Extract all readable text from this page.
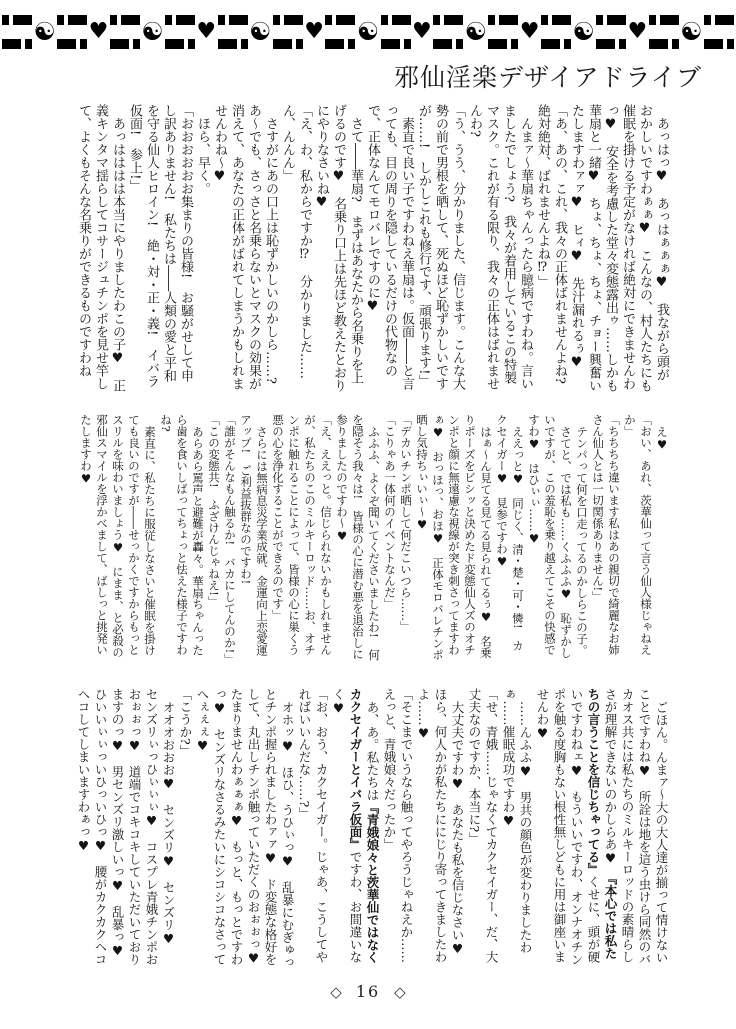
☯ ♥ ☯ ♥ ☯ ♥ ☯ ♥ ☯ ♥ ☯ ♥ ☯
邪仙淫楽デザイアドライブ

あっはっ♥　あっはぁぁぁ♥　我ながら頭がおかしいですわぁぁ♥　こんなの、村人たちにも催眠を掛ける予定がなければ絶対にできませんわっ♥　安全を考慮した堂々変態露出ゥ……しかも華扇と一緒♥　ちょ、ちょ、ちょ、チョー興奮いたしますわァァ♥　ヒィ♥　先汁漏れるぅ♥

「あ、あの、これ、我々の正体ばれませんよね?　絶対絶対、ばれませんよね⁉」

んまァ～華扇ちゃんったら臆病ですわね。言いましたでしょう?　我々が着用しているこの特製マスク。これが有る限り、我々の正体はばれませんわ?

「う、うう、分かりました、信じます。こんな大勢の前で男根を晒して、死ぬほど恥ずかしいですが……!　しかしこれも修行です、頑張ります!」

素直で良い子ですわねえ華扇は。仮面――と言っても、目の周りを隠しているだけの代物なので、正体なんてモロバレですのに♥

さて――華扇?　まずはあなたから名乗りを上げるのです♥　名乗り口上は先ほど教えたとおりにやりなさいね♥

「え、わ、私からですか⁉　分かりました……ん、んんん」

さすがにあの口上は恥ずかしいのかしら……?　あ～でも、さっさと名乗らないとマスクの効果が消えて、あなたの正体がばれてしまうかもしれませんわね～♥

ほら、早く。

「おおおおおお集まりの皆様!　お騒がせして申し訳ありません!　私たちは――人類の愛と平和を守る仙人ヒロイン!　絶・対・正・義!　イバラ仮面!　参上!」

あっはははは本当にやりましたわこの子♥　正義キンタマ揺らしてコサージュチンポを見せ竿して、よくもそんな名乗りができるものですわね

え♥

「おい、あれ、茨華仙って言う仙人様じゃねえか」

「ちちちち違います私はあの親切で綺麗なお姉さん仙人とは一切関係ありません!」

テンパって何を口走ってるのかしらこの子。

さてと、では私も……くふふふ♥　恥ずかしいですが、この羞恥を乗り越えてこその快感ですわ♥　はひぃぃ……♥

ええっと♥　同じく、清・楚・可・憐!　カクセイガー♥　見参ですわ♥

はぁ～ん見てる見てる見られてるぅ♥　名乗りポーズをビシッと決めたド変態仙人ズのオチンポと顔に無遠慮な視線が突き刺さってますわぁ♥　おっほっ、おほ♥　正体モロバレチンポ晒し気持ちぃいぃ～♥

「デカいチンポ晒して何だこいつら……」

「こりゃあ一体何のイベントなんだ」

ふふふ、よくぞ聞いてくださいましたわ!　何を隠そう我々は!　皆様の心に潜む悪を退治しに参りましたのですわ～♥

「え、ええっと。信じられないかもしれませんが、私たちのこのミルキーロッド……お、オチンポに触れることによって、皆様の心に巣くう悪の心を浄化することができるのです」

さらには無病息災学業成就、金運向上恋愛運アップ!　ご利益抜群なのですわ!

「誰がそんなもん触るか!　バカにしてんのか!」

「この変態共!　ふざけんじゃねえ!」

あらあら罵声と避難が轟々。華扇ちゃんったら歯を食いしばってちょっと怯えた様子ですわね?

素直に、私たちに服従しなさいと催眠を掛けても良いのですが――せっかくですからもっとスリルを味わいましょう♥　にまま、と必殺の邪仙スマイルを浮かべまして、ばしっと挑発いたしますわ♥

ごほん。んまァ～大の大人達が揃って情けないことですわね♥　所詮は地を這う虫けら同然のバカオス共には私たちのミルキーロッドの素晴らしさが理解できないのかしらあ♥　『本心では私たちの言うことを信じちゃってる』くせに、頭が硬いですわねェ♥　もういいですわ、オンナオチンポを触る度胸もない根性無しどもに用は御座いませんわ♥

……んふふ♥　男共の顔色が変わりましたわぁ……催眠成功ですわ♥

「せ、青娥……じゃなくてカクセイガー、だ、大丈夫なのですか、本当に?」

大丈夫ですわ♥　あなたも私を信じなさい♥　ほら、何人かが私たちににじり寄ってきましたわよ……♥

「そこまでいうなら触ってやろうじゃねえか……えっと、青娥娘々だったか」

あ、あ。私たちは『青娥娘々と茨華仙ではなくカクセイガーとイバラ仮面』ですわ、お間違いなく♥

「お、おう、カクセイガー。じゃあ、こうしてやればいいんだな……?」

オホッ♥　ほひ、うひぃっ♥　乱暴にむぎゅっとチンポ握られましたわァァ♥　ド変態な格好をして、丸出しチンポ触っていただくのおぉぉっ♥　たまりませんわぁぁぁ♥　もっと、もっとですわっ♥　センズリなさるみたいにシコシコなさってへぇぇぇ♥

「こうか?」

オオオおおお♥　センズリ♥　センズリ♥　センズリぃっひぃぃぃ♥　コスプレ青娥チンポおおぉぉっ♥　道端でコキコキしていただいておりますのっ♥　男センズリ激しいっ♥　乱暴っ♥　ひいいぃぃっいひっいひっ♥　腰がカクカクヘコヘコしてしまいますわぁっ♥

◇ 16 ◇
